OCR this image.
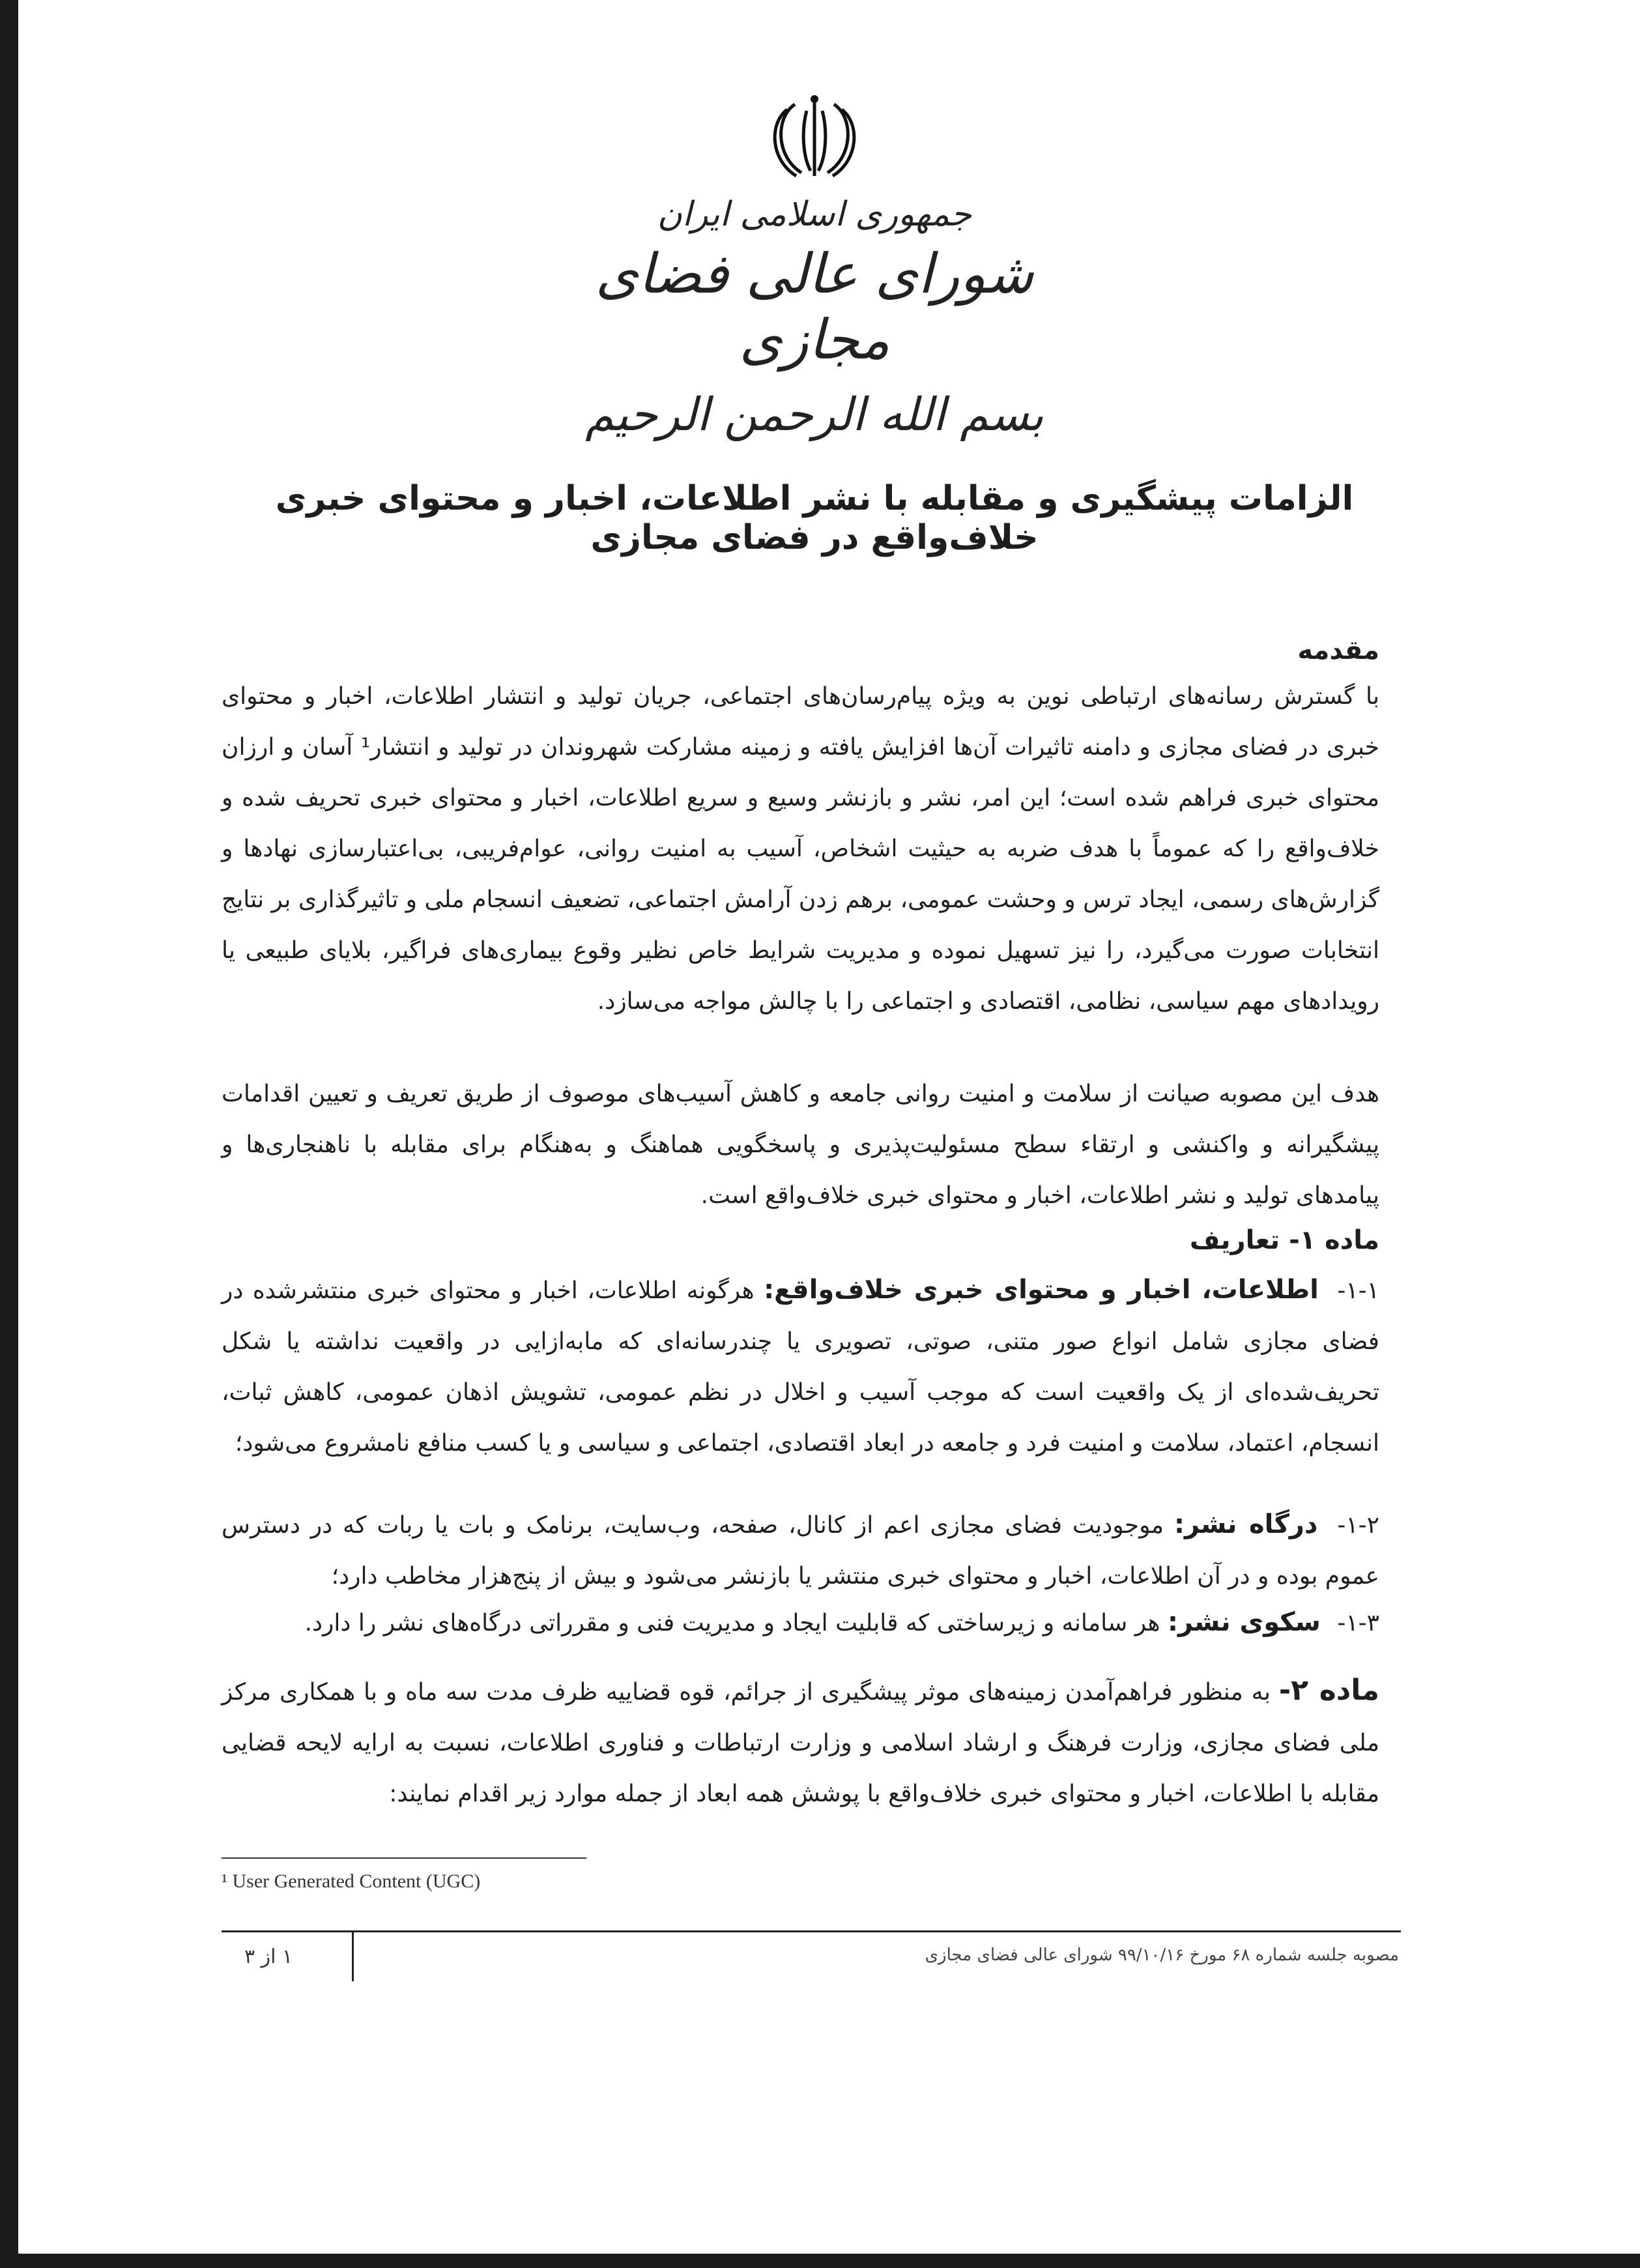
جمهوری اسلامی ایران

شورای عالی فضای مجازی

بسم الله الرحمن الرحیم

الزامات پیشگیری و مقابله با نشر اطلاعات، اخبار و محتوای خبری خلاف‌واقع در فضای مجازی
مقدمه

با گسترش رسانه‌های ارتباطی نوین به ویژه پیام‌رسان‌های اجتماعی، جریان تولید و انتشار اطلاعات، اخبار و محتوای خبری در فضای مجازی و دامنه تاثیرات آن‌ها افزایش یافته و زمینه مشارکت شهروندان در تولید و انتشار¹ آسان و ارزان محتوای خبری فراهم شده است؛ این امر، نشر و بازنشر وسیع و سریع اطلاعات، اخبار و محتوای خبری تحریف شده و خلاف‌واقع را که عموماً با هدف ضربه به حیثیت اشخاص، آسیب به امنیت روانی، عوام‌فریبی، بی‌اعتبارسازی نهادها و گزارش‌های رسمی، ایجاد ترس و وحشت عمومی، برهم زدن آرامش اجتماعی، تضعیف انسجام ملی و تاثیرگذاری بر نتایج انتخابات صورت می‌گیرد، را نیز تسهیل نموده و مدیریت شرایط خاص نظیر وقوع بیماری‌های فراگیر، بلایای طبیعی یا رویدادهای مهم سیاسی، نظامی، اقتصادی و اجتماعی را با چالش مواجه می‌سازد.

هدف این مصوبه صیانت از سلامت و امنیت روانی جامعه و کاهش آسیب‌های موصوف از طریق تعریف و تعیین اقدامات پیشگیرانه و واکنشی و ارتقاء سطح مسئولیت‌پذیری و پاسخگویی هماهنگ و به‌هنگام برای مقابله با ناهنجاری‌ها و پیامدهای تولید و نشر اطلاعات، اخبار و محتوای خبری خلاف‌واقع است.

ماده ۱- تعاریف

۱-۱- اطلاعات، اخبار و محتوای خبری خلاف‌واقع: هرگونه اطلاعات، اخبار و محتوای خبری منتشرشده در فضای مجازی شامل انواع صور متنی، صوتی، تصویری یا چندرسانه‌ای که مابه‌ازایی در واقعیت نداشته یا شکل تحریف‌شده‌ای از یک واقعیت است که موجب آسیب و اخلال در نظم عمومی، تشویش اذهان عمومی، کاهش ثبات، انسجام، اعتماد، سلامت و امنیت فرد و جامعه در ابعاد اقتصادی، اجتماعی و سیاسی و یا کسب منافع نامشروع می‌شود؛

۱-۲- درگاه نشر: موجودیت فضای مجازی اعم از کانال، صفحه، وب‌سایت، برنامک و بات یا ربات که در دسترس عموم بوده و در آن اطلاعات، اخبار و محتوای خبری منتشر یا بازنشر می‌شود و بیش از پنج‌هزار مخاطب دارد؛

۱-۳- سکوی نشر: هر سامانه و زیرساختی که قابلیت ایجاد و مدیریت فنی و مقرراتی درگاه‌های نشر را دارد.

ماده ۲- به منظور فراهم‌آمدن زمینه‌های موثر پیشگیری از جرائم، قوه قضاییه ظرف مدت سه ماه و با همکاری مرکز ملی فضای مجازی، وزارت فرهنگ و ارشاد اسلامی و وزارت ارتباطات و فناوری اطلاعات، نسبت به ارایه لایحه قضایی مقابله با اطلاعات، اخبار و محتوای خبری خلاف‌واقع با پوشش همه ابعاد از جمله موارد زیر اقدام نمایند:

¹ User Generated Content (UGC)

مصوبه جلسه شماره ۶۸ مورخ ۹۹/۱۰/۱۶ شورای عالی فضای مجازی

۱ از ۳
